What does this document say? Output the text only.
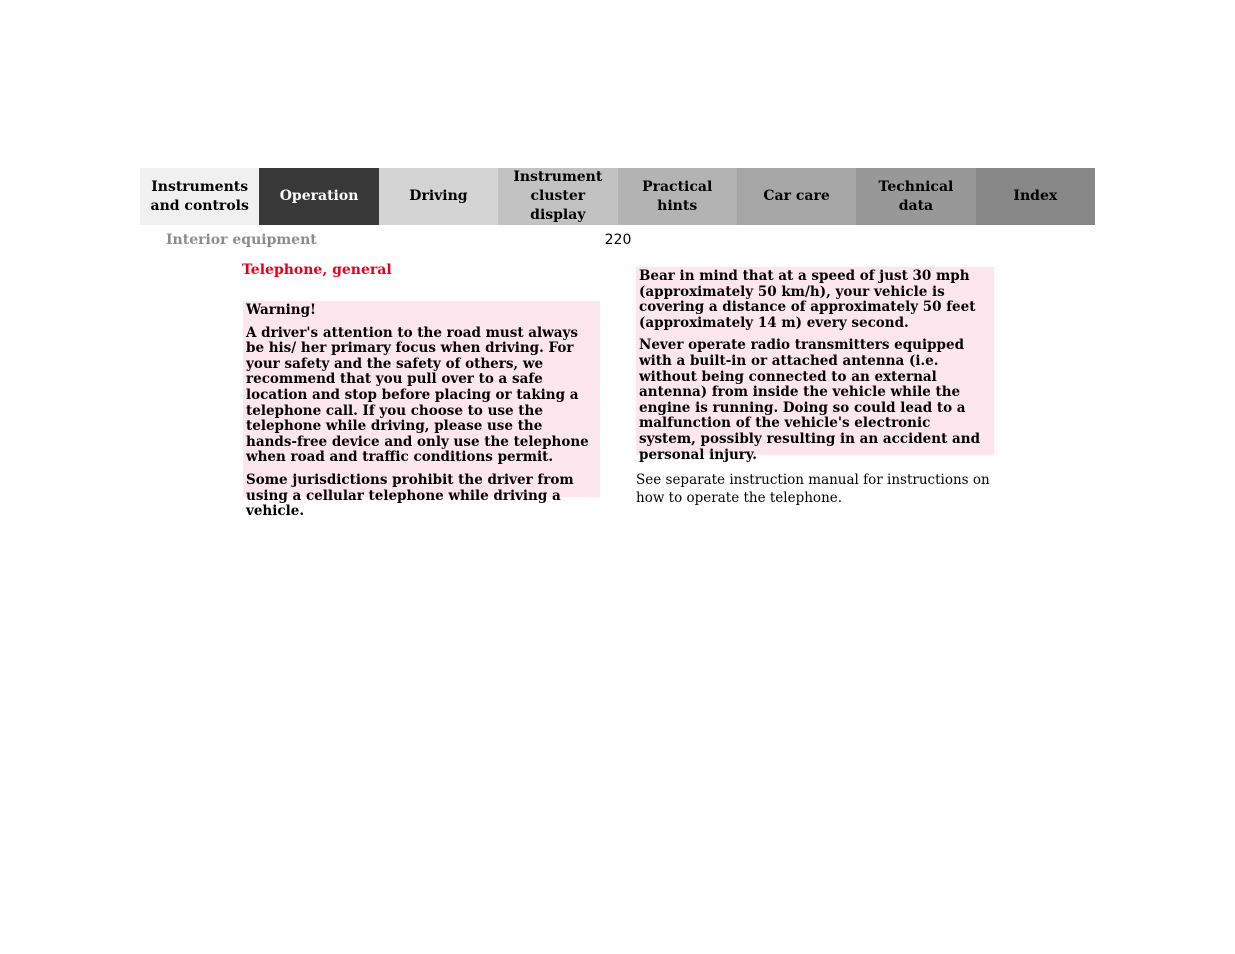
Instruments
and controls
Operation	Driving
Instrument
cluster display
Practical hints
Car care
Technical
data
Index
Interior equipment	220
Telephone, general

Warning!

A driver's attention to the road must always be his/ her primary focus when driving. For your safety and the safety of others, we recommend that you pull over to a safe location and stop before placing or taking a telephone call. If you choose to use the telephone while driving, please use the hands-free device and only use the telephone when road and traffic conditions permit.

Some jurisdictions prohibit the driver from using a cellular telephone while driving a vehicle.

Bear in mind that at a speed of just 30 mph (approximately 50 km/h), your vehicle is covering a distance of approximately 50 feet (approximately 14 m) every second.

Never operate radio transmitters equipped with a built-in or attached antenna (i.e. without being connected to an external antenna) from inside the vehicle while the engine is running. Doing so could lead to a malfunction of the vehicle's electronic system, possibly resulting in an accident and personal injury.

See separate instruction manual for instructions on how to operate the telephone.
